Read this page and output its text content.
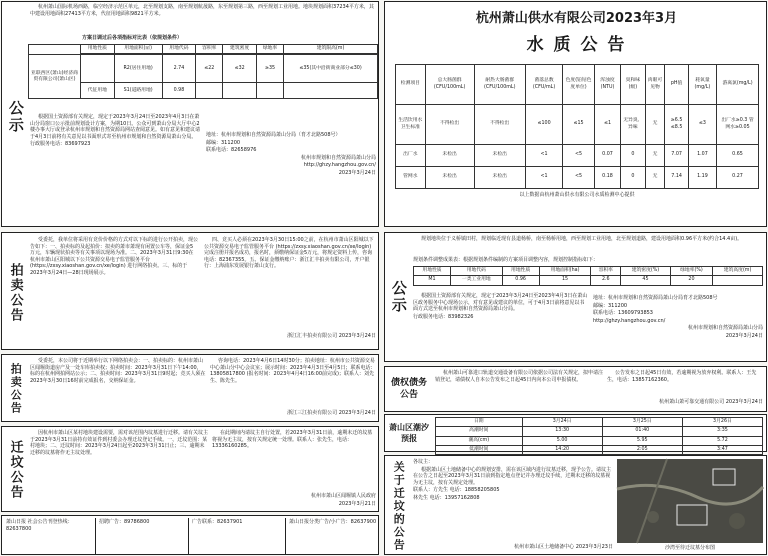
公示

杭州萧山国际机场西路，临空经济示范区单元，北至规划支路，南至规划航晟路，东至规划第三路，西至规划工业用地。地块规划面积37234平方米，其中建设用地面积27413平方米，代征用地面积9821平方米。

方案日调过后各项指标对比表（依规划条件）
	用地性质	用地面积(㎡)	用地代码	容积率	建筑密度	绿地率	建筑限高(m)

亚联西区(萧山)经济商贸有限公司(萧山区)		R2(居住用地)	2.74	≤22	≤32	≥35	≤35(其中沿街商业部分≤30)
	代征用地	S1(道路用地)	0.98				

根据国土资源部有关规定，现定于2023年3月24日至2023年4月3日在萧山分局窗口公示批前规划设计方案，为期10日。公众可到萧山分局大厅中心2楼办事大厅或登录杭州市规划和自然资源局网站查阅意见。如有意见和建议请于4月3日前将有关意见以书面形式寄至杭州市规划和自然资源局萧山分局。

行政服务电话：83697923

地址：杭州市规划和自然资源局萧山分局（育才北路508号）

邮编：311200

联系电话：82658976

杭州市规划和自然资源局萧山分局

http://ghzy.hangzhou.gov.cn/

2023年3月24日

杭州萧山供水有限公司2023年3月
水 质 公 告
检测项目	总大肠菌群(CFU/100mL)	耐热大肠菌群(CFU/100mL)	菌落总数(CFU/mL)	色度(铂钴色度单位)	浑浊度(NTU)	臭和味(级)	肉眼可见物	pH值	耗氧量(mg/L)	游离氯(mg/L)
生活饮用水卫生标准	不得检出	不得检出	≤100	≤15	≤1	无异臭、异味	无	≥6.5 ≤8.5	≤3	出厂水≥0.3 管网水≥0.05
出厂水	未检出	未检出	<1	<5	0.07	0	无	7.07	1.07	0.65
管网水	未检出	未检出	<1	<5	0.18	0	无	7.14	1.19	0.27
以上数据由杭州萧山供水有限公司水质检测中心提供
拍卖公告

受委托，我单位将采用有竞价价格的方式对以下标的进行公开拍卖，现公告如下：一、拍卖标的及起拍价：拟卖的萧市萧现有闲置公车等，保证金5万元，车辆现状拍卖等有关事项以现场为准。二、2023年3月31日9:30在杭州市萧山区阳城以下公共资源交易电子监管服务平台 (https://zxsy.xiaoshan.gov.cn/xe/login) 进行网络拍卖。三、标的于2023年3月24日—28日现场展示。

四、竞买人必须在2023年3月30日15:00之前，在杭州市萧山区阳城以下公共资源交易电子监管服务平台 (https://zxsy.xiaoshan.gov.cn/xe/login) 完成注册并报名成功，报名时，须缴纳保证金5万元，将规定资料上传，咨询电话：82367355。五、保证金缴纳账户：浙江汇丰拍卖有限公司，开户银行：上海浦东发展银行萧山支行。

浙江汇丰拍卖有限公司 2023年3月24日
公示

规划地块位于义桥镇田村，规划临近现有县道杨桥，南至杨桥用地，西至规划工业用地，北至规划道路，建设用地面积0.96平方米(约合14.4亩)。

规划条件调整成果表：根据规划条件编制的方案项目调整内容，规划控制指标如下：
用地性质	用地代码	用地性质	用地面积(ha)	容积率	建筑密度(%)	绿地率(%)	建筑高度(m)
M1	一类工业用地	0.96	15	2.6	45	20	

根据国土资源部有关规定，现定于2023年3月24日至2023年4月3日在萧山区政务服务中心现场公示，对有意见或建议的单位，可于4月3日前将意见以书面方式送至杭州市规划和自然资源局萧山分局。

行政服务电话：83982326

地址：杭州市规划和自然资源局萧山分局育才北路508号

邮编：311200

联系电话：13609793853

http://ghzy.hangzhou.gov.cn/

杭州市规划和自然资源局萧山分局

2023年3月24日

拍卖公告

受委托，本公司将于近期举行以下网络拍卖会：一、拍卖标的：杭州市萧山区闻堰街道房产及一处车库拍卖权；拍卖时间：2023年3月31日下午14:00，标的在杭州网拍网站公示；二、拍卖时间：2023年3月31日9时起；竞买人须在2023年3月30日16时前完成报名，交纳保证金。

咨询电话：2023年4月6日14时30分；拍卖地址：杭州市公共资源交易中心萧山分中心会议室；展示时间：2023年4月3日至4月5日；联系电话：13805817800 (报名时间：2023年4月4日16:00前完成)；联系人：刘先生、陈先生。

浙江三江拍卖有限公司 2023年3月24日
债权债务公告

杭州萧山可靠进口轨道交通设备有限公司依据公司法有关规定，拟申请注销登记，请债权人自本公告发布之日起45日内向本公司申报债权。

公告发布之日起45日有效，若逾期视为放弃权利。联系人：王先生，电话：13857162360。

杭州萧山萧可靠交通有限公司 2023年3月24日
萧山区潮汐预报
日期	3月24日	3月25日	3月26日
高潮时间	13:30	01:40	3:35
潮高(cm)	5.00	5.95	5.72
低潮时间	14:20	2:05	3:47

迁坟公告

因杭州市萧山区某村地块建设需要，需对该范围内坟墓进行迁移。请有关坟主于2023年3月31日前持有效证件到村委会办理迁坟登记手续。一、迁坟范围：某村地块；二、迁坟时间：2023年3月24日起至2023年3月31日止；三、逾期未迁移的坟墓将作无主坟处理。

在此期间内请坟主自行处置，若2023年3月31日前，逾期未迁的坟墓将视为无主坟，按有关规定统一处理。联系人：张先生，电话：13336160285。

杭州市萧山区闻堰镇人民政府

2023年3月21日	关于迁坟的公告	各坟主：

根据萧山区土地储备中心的规划安排，需在该区域内进行坟墓迁移，现予公告。请坟主在公告之日起至2023年3月31日前到指定地点登记并办理迁坟手续，过期未迁移的坟墓视为无主坟，按有关规定处理。

联系人：方先生 电话：18858205805

林先生 电话：13957162808

杭州市萧山区土地储备中心 2023年3月23日	沙湾至待迁坟墓分布图
萧山日报 社会公告刊登热线：82637800
招聘广告：89786800	广告联系：82637901	萧山日报分类广告/小广告：82637900
